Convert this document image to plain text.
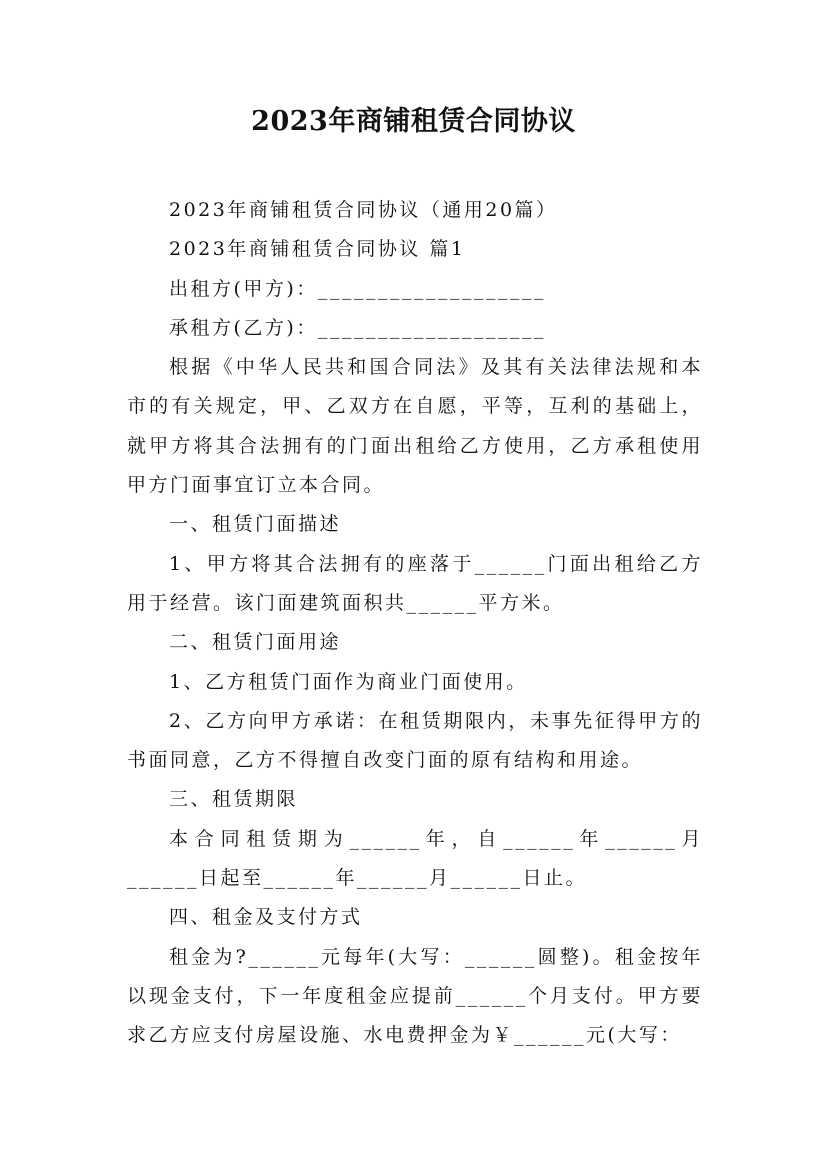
2023年商铺租赁合同协议

2023年商铺租赁合同协议（通用20篇）

2023年商铺租赁合同协议 篇1

出租方(甲方)：___________________

承租方(乙方)：___________________

根据《中华人民共和国合同法》及其有关法律法规和本市的有关规定，甲、乙双方在自愿，平等，互利的基础上，就甲方将其合法拥有的门面出租给乙方使用，乙方承租使用甲方门面事宜订立本合同。

一、租赁门面描述

1、甲方将其合法拥有的座落于______门面出租给乙方用于经营。该门面建筑面积共______平方米。

二、租赁门面用途

1、乙方租赁门面作为商业门面使用。

2、乙方向甲方承诺：在租赁期限内，未事先征得甲方的书面同意，乙方不得擅自改变门面的原有结构和用途。

三、租赁期限

本合同租赁期为______年，自______年______月______日起至______年______月______日止。

四、租金及支付方式

租金为?______元每年(大写：______圆整)。租金按年以现金支付，下一年度租金应提前______个月支付。甲方要求乙方应支付房屋设施、水电费押金为￥______元(大写：
